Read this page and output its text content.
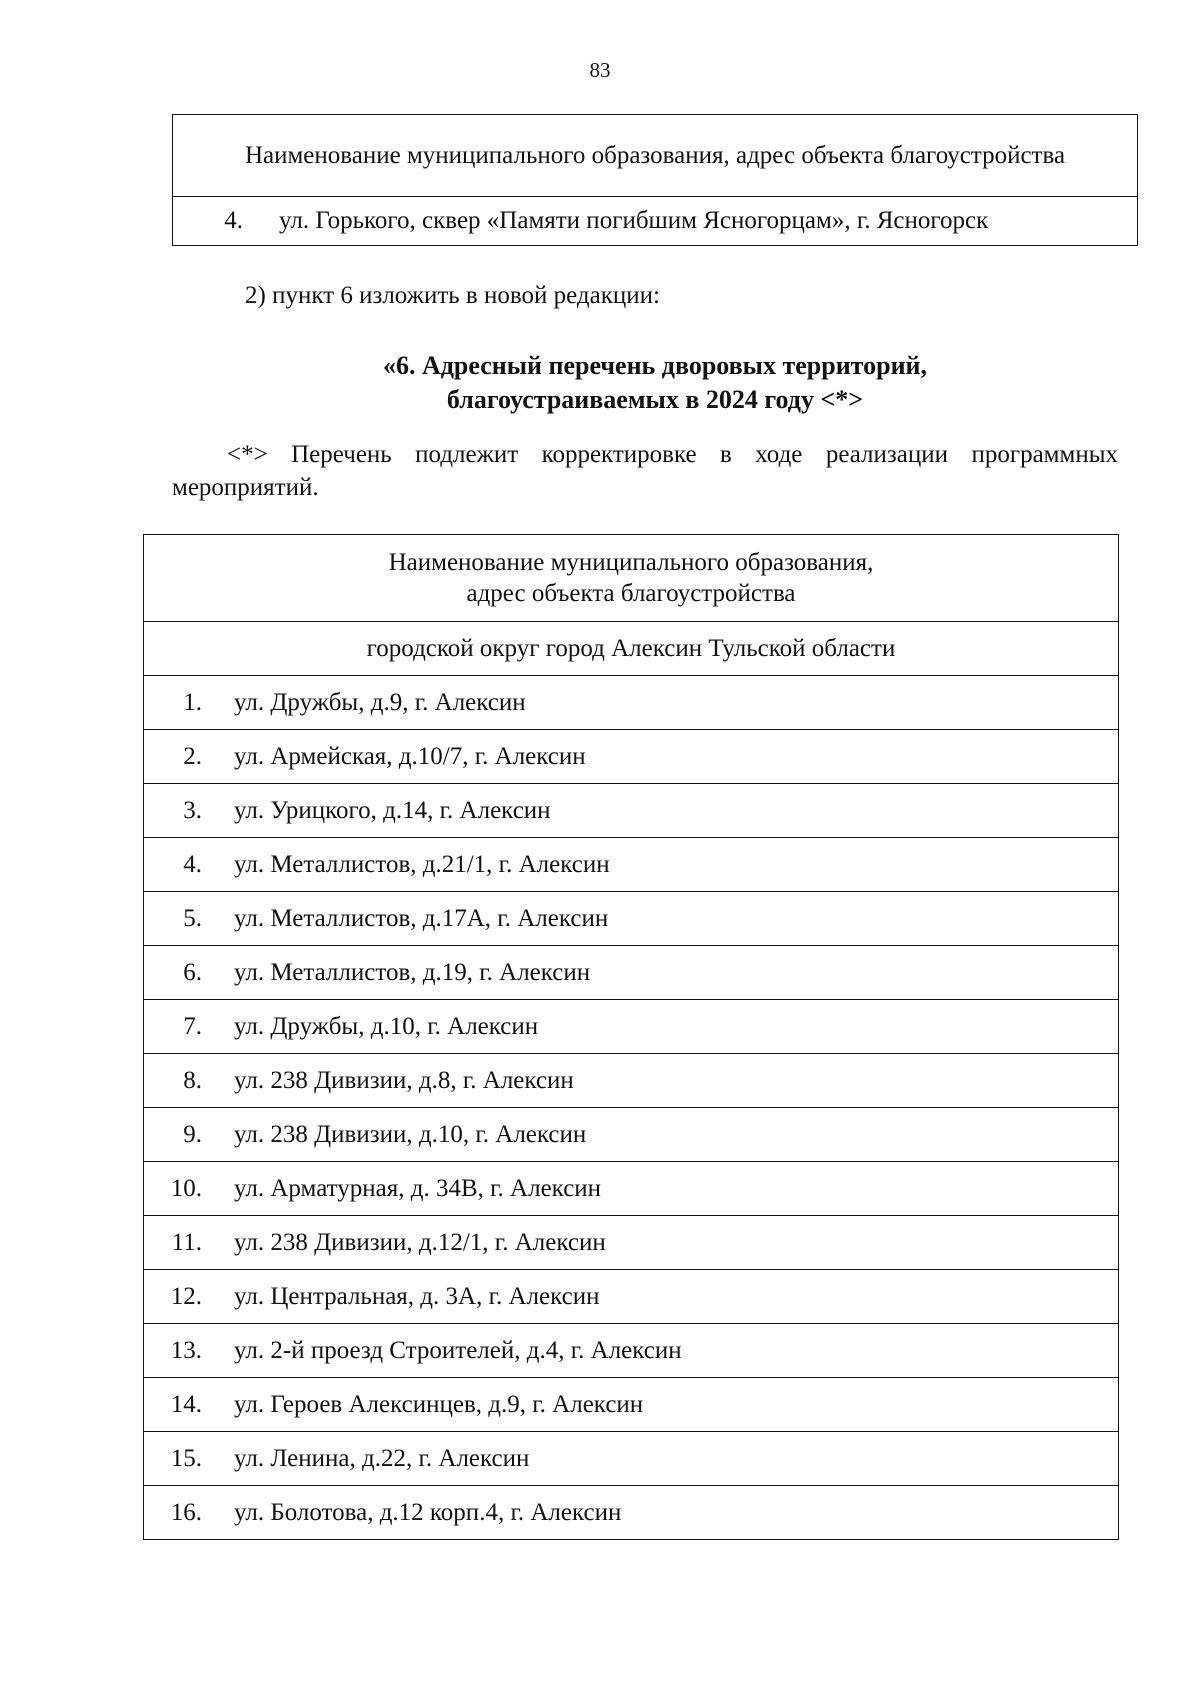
83
Наименование муниципального образования, адрес объекта благоустройства
4. ул. Горького, сквер «Памяти погибшим Ясногорцам», г. Ясногорск
2) пункт 6 изложить в новой редакции:
«6. Адресный перечень дворовых территорий,
благоустраиваемых в 2024 году <*>
<*> Перечень подлежит корректировке в ходе реализации программных мероприятий.
Наименование муниципального образования,
адрес объекта благоустройства

городской округ город Алексин Тульской области
1. ул. Дружбы, д.9, г. Алексин
2. ул. Армейская, д.10/7, г. Алексин
3. ул. Урицкого, д.14, г. Алексин
4. ул. Металлистов, д.21/1, г. Алексин
5. ул. Металлистов, д.17А, г. Алексин
6. ул. Металлистов, д.19, г. Алексин
7. ул. Дружбы, д.10, г. Алексин
8. ул. 238 Дивизии, д.8, г. Алексин
9. ул. 238 Дивизии, д.10, г. Алексин
10. ул. Арматурная, д. 34В, г. Алексин
11. ул. 238 Дивизии, д.12/1, г. Алексин
12. ул. Центральная, д. 3А, г. Алексин
13. ул. 2-й проезд Строителей, д.4, г. Алексин
14. ул. Героев Алексинцев, д.9, г. Алексин
15. ул. Ленина, д.22, г. Алексин
16. ул. Болотова, д.12 корп.4, г. Алексин
